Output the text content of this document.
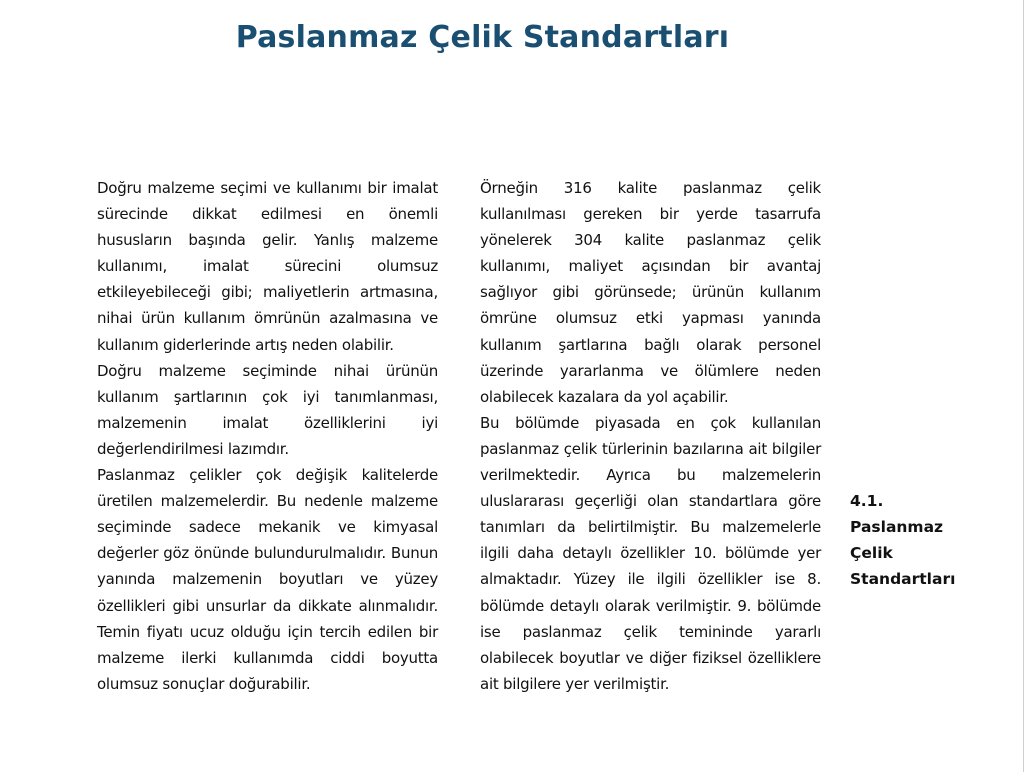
Paslanmaz Çelik Standartları

Doğru malzeme seçimi ve kullanımı bir imalat sürecinde dikkat edilmesi en önemli hususların başında gelir. Yanlış malzeme kullanımı, imalat sürecini olumsuz etkileyebileceği gibi; maliyetlerin artmasına, nihai ürün kullanım ömrünün azalmasına ve kullanım giderlerinde artış neden olabilir.

Doğru malzeme seçiminde nihai ürünün kullanım şartlarının çok iyi tanımlanması, malzemenin imalat özelliklerini iyi değerlendirilmesi lazımdır.

Paslanmaz çelikler çok değişik kalitelerde üretilen malzemelerdir. Bu nedenle malzeme seçiminde sadece mekanik ve kimyasal değerler göz önünde bulundurulmalıdır. Bunun yanında malzemenin boyutları ve yüzey özellikleri gibi unsurlar da dikkate alınmalıdır. Temin fiyatı ucuz olduğu için tercih edilen bir malzeme ilerki kullanımda ciddi boyutta olumsuz sonuçlar doğurabilir.

Örneğin 316 kalite paslanmaz çelik kullanılması gereken bir yerde tasarrufa yönelerek 304 kalite paslanmaz çelik kullanımı, maliyet açısından bir avantaj sağlıyor gibi görünsede; ürünün kullanım ömrüne olumsuz etki yapması yanında kullanım şartlarına bağlı olarak personel üzerinde yararlanma ve ölümlere neden olabilecek kazalara da yol açabilir.

Bu bölümde piyasada en çok kullanılan paslanmaz çelik türlerinin bazılarına ait bilgiler verilmektedir. Ayrıca bu malzemelerin uluslararası geçerliği olan standartlara göre tanımları da belirtilmiştir. Bu malzemelerle ilgili daha detaylı özellikler 10. bölümde yer almaktadır. Yüzey ile ilgili özellikler ise 8. bölümde detaylı olarak verilmiştir. 9. bölümde ise paslanmaz çelik temininde yararlı olabilecek boyutlar ve diğer fiziksel özelliklere ait bilgilere yer verilmiştir.

4.1.
Paslanmaz
Çelik
Standartları
